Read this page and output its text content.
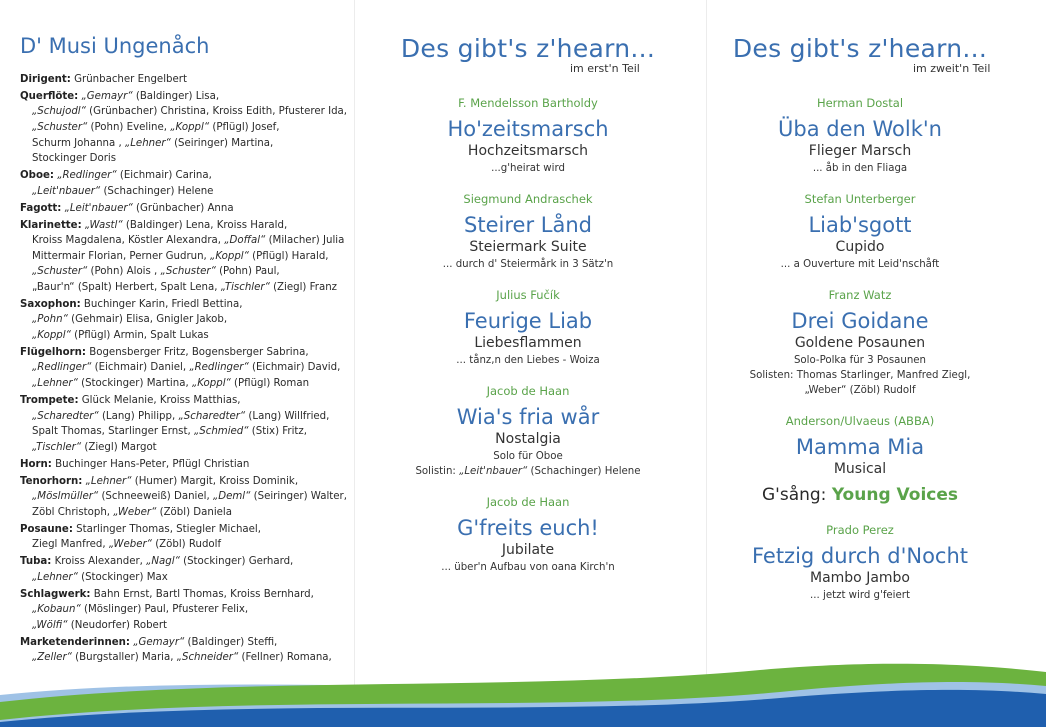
D' Musi Ungenåch
Dirigent: Grünbacher Engelbert
Querflöte: „Gemayr“ (Baldinger) Lisa,
„Schujodl“ (Grünbacher) Christina, Kroiss Edith, Pfusterer Ida,
„Schuster“ (Pohn) Eveline, „Koppl“ (Pflügl) Josef,
Schurm Johanna , „Lehner“ (Seiringer) Martina,
Stockinger Doris
Oboe: „Redlinger“ (Eichmair) Carina,
„Leit'nbauer“ (Schachinger) Helene
Fagott: „Leit'nbauer“ (Grünbacher) Anna
Klarinette: „Wastl“ (Baldinger) Lena, Kroiss Harald,
Kroiss Magdalena, Köstler Alexandra, „Doffal“ (Milacher) Julia
Mittermair Florian, Perner Gudrun, „Koppl“ (Pflügl) Harald,
„Schuster“ (Pohn) Alois , „Schuster“ (Pohn) Paul,
„Baur'n“ (Spalt) Herbert, Spalt Lena, „Tischler“ (Ziegl) Franz
Saxophon: Buchinger Karin, Friedl Bettina,
„Pohn“ (Gehmair) Elisa, Gnigler Jakob,
„Koppl“ (Pflügl) Armin, Spalt Lukas
Flügelhorn: Bogensberger Fritz, Bogensberger Sabrina,
„Redlinger“ (Eichmair) Daniel, „Redlinger“ (Eichmair) David,
„Lehner“ (Stockinger) Martina, „Koppl“ (Pflügl) Roman
Trompete: Glück Melanie, Kroiss Matthias,
„Scharedter“ (Lang) Philipp, „Scharedter“ (Lang) Willfried,
Spalt Thomas, Starlinger Ernst, „Schmied“ (Stix) Fritz,
„Tischler“ (Ziegl) Margot
Horn: Buchinger Hans-Peter, Pflügl Christian
Tenorhorn: „Lehner“ (Humer) Margit, Kroiss Dominik,
„Möslmüller“ (Schneeweiß) Daniel, „Deml“ (Seiringer) Walter,
Zöbl Christoph, „Weber“ (Zöbl) Daniela
Posaune: Starlinger Thomas, Stiegler Michael,
Ziegl Manfred, „Weber“ (Zöbl) Rudolf
Tuba: Kroiss Alexander, „Nagl“ (Stockinger) Gerhard,
„Lehner“ (Stockinger) Max
Schlagwerk: Bahn Ernst, Bartl Thomas, Kroiss Bernhard,
„Kobaun“ (Möslinger) Paul, Pfusterer Felix,
„Wölfi“ (Neudorfer) Robert
Marketenderinnen: „Gemayr“ (Baldinger) Steffi,
„Zeller“ (Burgstaller) Maria, „Schneider“ (Fellner) Romana,
Des gibt's z'hearn...
im erst'n Teil
F. Mendelsson Bartholdy
Ho'zeitsmarsch
Hochzeitsmarsch
...g'heirat wird
Siegmund Andraschek
Steirer Lånd
Steiermark Suite
... durch d' Steiermårk in 3 Sätz'n
Julius Fučík
Feurige Liab
Liebesflammen
... tånz,n den Liebes - Woiza
Jacob de Haan
Wia's fria wår
Nostalgia
Solo für Oboe
Solistin: „Leit'nbauer“ (Schachinger) Helene
Jacob de Haan
G'freits euch!
Jubilate
... über'n Aufbau von oana Kirch'n
Des gibt's z'hearn...
im zweit'n Teil
Herman Dostal
Üba den Wolk'n
Flieger Marsch
... åb in den Fliaga
Stefan Unterberger
Liab'sgott
Cupido
... a Ouverture mit Leid'nschåft
Franz Watz
Drei Goidane
Goldene Posaunen
Solo-Polka für 3 Posaunen
Solisten: Thomas Starlinger, Manfred Ziegl,
„Weber“ (Zöbl) Rudolf
Anderson/Ulvaeus (ABBA)
Mamma Mia
Musical
G'sång: Young Voices
Prado Perez
Fetzig durch d'Nocht
Mambo Jambo
... jetzt wird g'feiert
